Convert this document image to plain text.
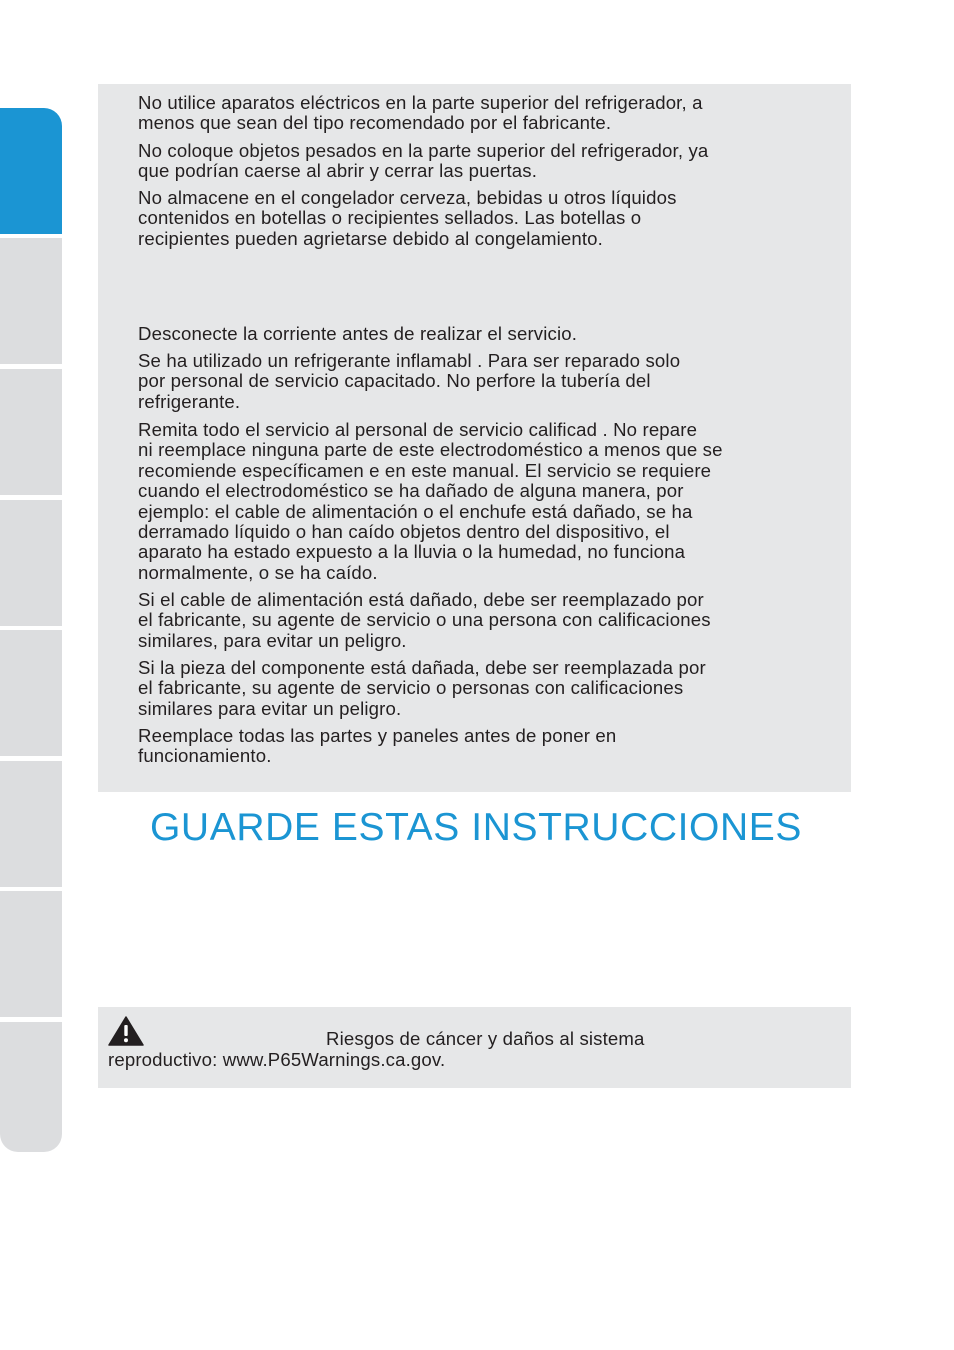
No utilice aparatos eléctricos en la parte superior del refrigerador, a
menos que sean del tipo recomendado por el fabricante.

No coloque objetos pesados en la parte superior del refrigerador, ya
que podrían caerse al abrir y cerrar las puertas.

No almacene en el congelador cerveza, bebidas u otros líquidos
contenidos en botellas o recipientes sellados. Las botellas o
recipientes pueden agrietarse debido al congelamiento.

Desconecte la corriente antes de realizar el servicio.

Se ha utilizado un refrigerante inflamabl . Para ser reparado solo
por personal de servicio capacitado. No perfore la tubería del
refrigerante.

Remita todo el servicio al personal de servicio calificad . No repare
ni reemplace ninguna parte de este electrodoméstico a menos que se
recomiende específicamen e en este manual. El servicio se requiere
cuando el electrodoméstico se ha dañado de alguna manera, por
ejemplo: el cable de alimentación o el enchufe está dañado, se ha
derramado líquido o han caído objetos dentro del dispositivo, el
aparato ha estado expuesto a la lluvia o la humedad, no funciona
normalmente, o se ha caído.

Si el cable de alimentación está dañado, debe ser reemplazado por
el fabricante, su agente de servicio o una persona con calificaciones
similares, para evitar un peligro.

Si la pieza del componente está dañada, debe ser reemplazada por
el fabricante, su agente de servicio o personas con calificaciones
similares para evitar un peligro.

Reemplace todas las partes y paneles antes de poner en
funcionamiento.

GUARDE ESTAS INSTRUCCIONES

Riesgos de cáncer y daños al sistema

reproductivo: www.P65Warnings.ca.gov.
